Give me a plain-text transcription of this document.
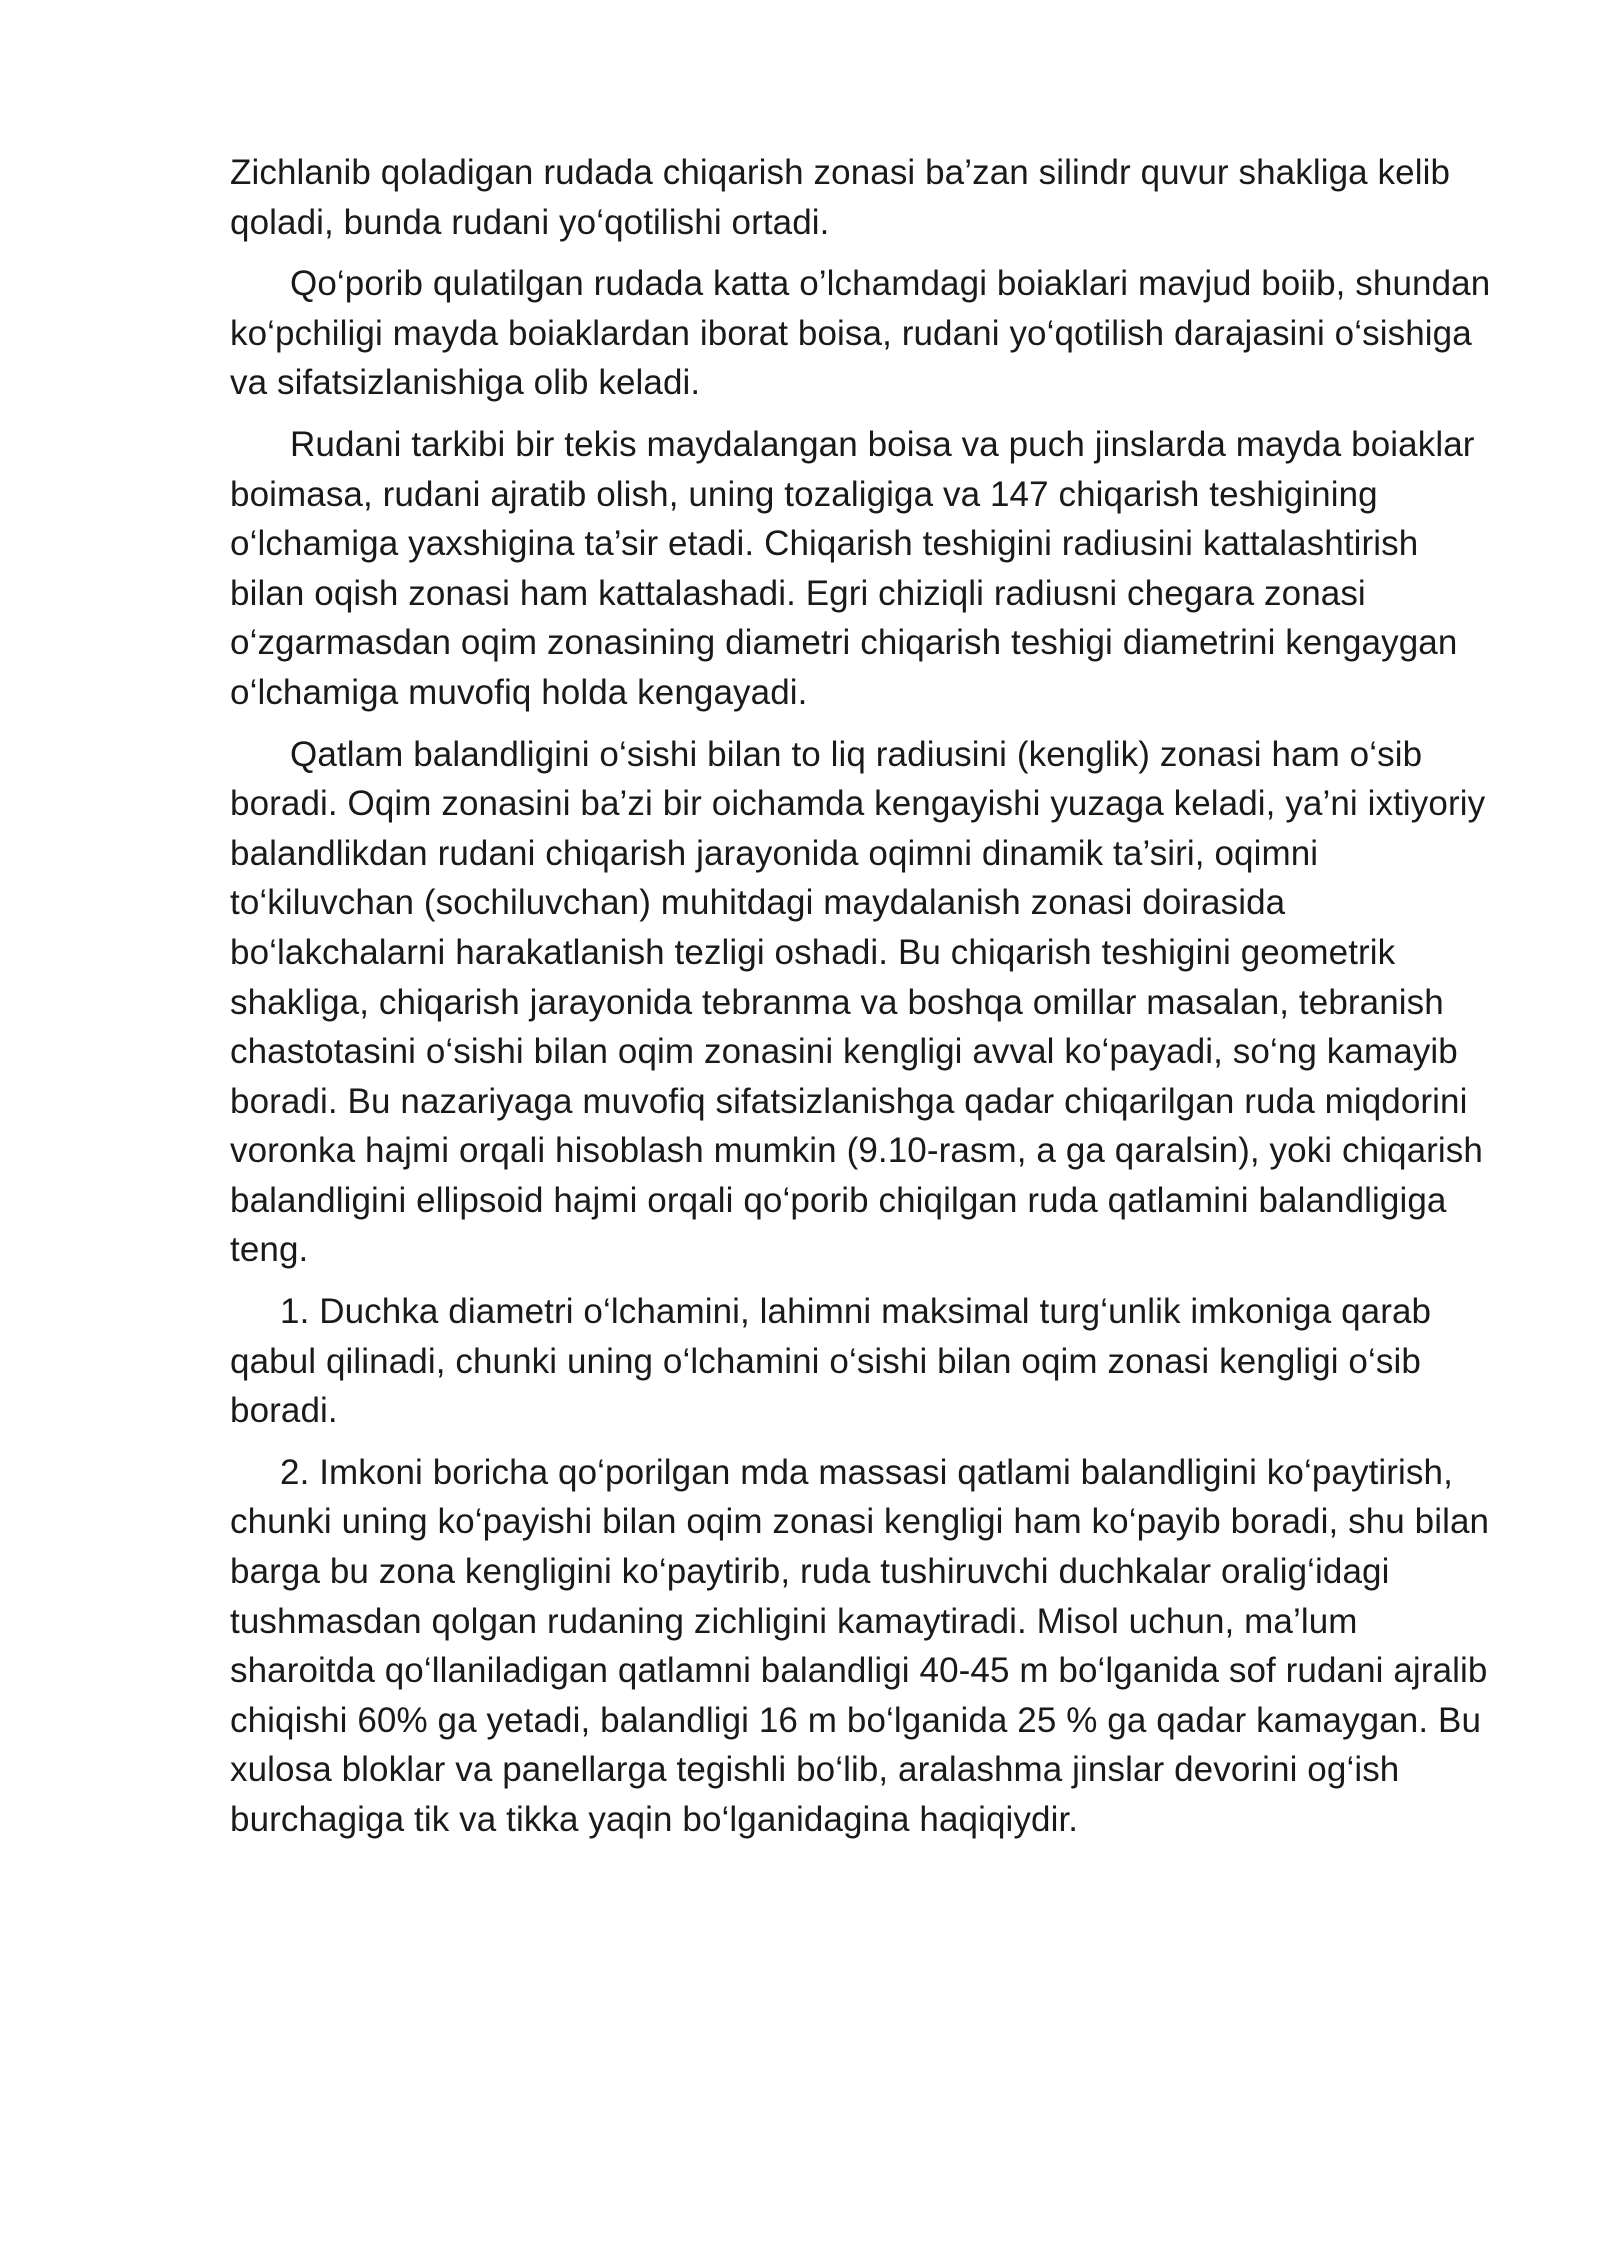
Zichlanib qoladigan rudada chiqarish zonasi ba’zan silindr quvur shakliga kelib qoladi, bunda rudani yo‘qotilishi ortadi.

Qo‘porib qulatilgan rudada katta o’lchamdagi boiaklari mavjud boiib, shundan ko‘pchiligi mayda boiaklardan iborat boisa, rudani yo‘qotilish darajasini o‘sishiga va sifatsizlanishiga olib keladi.

Rudani tarkibi bir tekis maydalangan boisa va puch jinslarda mayda boiaklar boimasa, rudani ajratib olish, uning tozaligiga va 147 chiqarish teshigining o‘lchamiga yaxshigina ta’sir etadi. Chiqarish teshigini radiusini kattalashtirish bilan oqish zonasi ham kattalashadi. Egri chiziqli radiusni chegara zonasi o‘zgarmasdan oqim zonasining diametri chiqarish teshigi diametrini kengaygan o‘lchamiga muvofiq holda kengayadi.

Qatlam balandligini o‘sishi bilan to liq radiusini (kenglik) zonasi ham o‘sib boradi. Oqim zonasini ba’zi bir oichamda kengayishi yuzaga keladi, ya’ni ixtiyoriy balandlikdan rudani chiqarish jarayonida oqimni dinamik ta’siri, oqimni to‘kiluvchan (sochiluvchan) muhitdagi maydalanish zonasi doirasida bo‘lakchalarni harakatlanish tezligi oshadi. Bu chiqarish teshigini geometrik shakliga, chiqarish jarayonida tebranma va boshqa omillar masalan, tebranish chastotasini o‘sishi bilan oqim zonasini kengligi avval ko‘payadi, so‘ng kamayib boradi. Bu nazariyaga muvofiq sifatsizlanishga qadar chiqarilgan ruda miqdorini voronka hajmi orqali hisoblash mumkin (9.10-rasm, a ga qaralsin), yoki chiqarish balandligini ellipsoid hajmi orqali qo‘porib chiqilgan ruda qatlamini balandligiga teng.

1. Duchka diametri o‘lchamini, lahimni maksimal turg‘unlik imkoniga qarab qabul qilinadi, chunki uning o‘lchamini o‘sishi bilan oqim zonasi kengligi o‘sib boradi.

2. Imkoni boricha qo‘porilgan mda massasi qatlami balandligini ko‘paytirish, chunki uning ko‘payishi bilan oqim zonasi kengligi ham ko‘payib boradi, shu bilan barga bu zona kengligini ko‘paytirib, ruda tushiruvchi duchkalar oralig‘idagi tushmasdan qolgan rudaning zichligini kamaytiradi. Misol uchun, ma’lum sharoitda qo‘llaniladigan qatlamni balandligi 40-45 m bo‘lganida sof rudani ajralib chiqishi 60% ga yetadi, balandligi 16 m bo‘lganida 25 % ga qadar kamaygan. Bu xulosa bloklar va panellarga tegishli bo‘lib, aralashma jinslar devorini og‘ish burchagiga tik va tikka yaqin bo‘lganidagina haqiqiydir.
